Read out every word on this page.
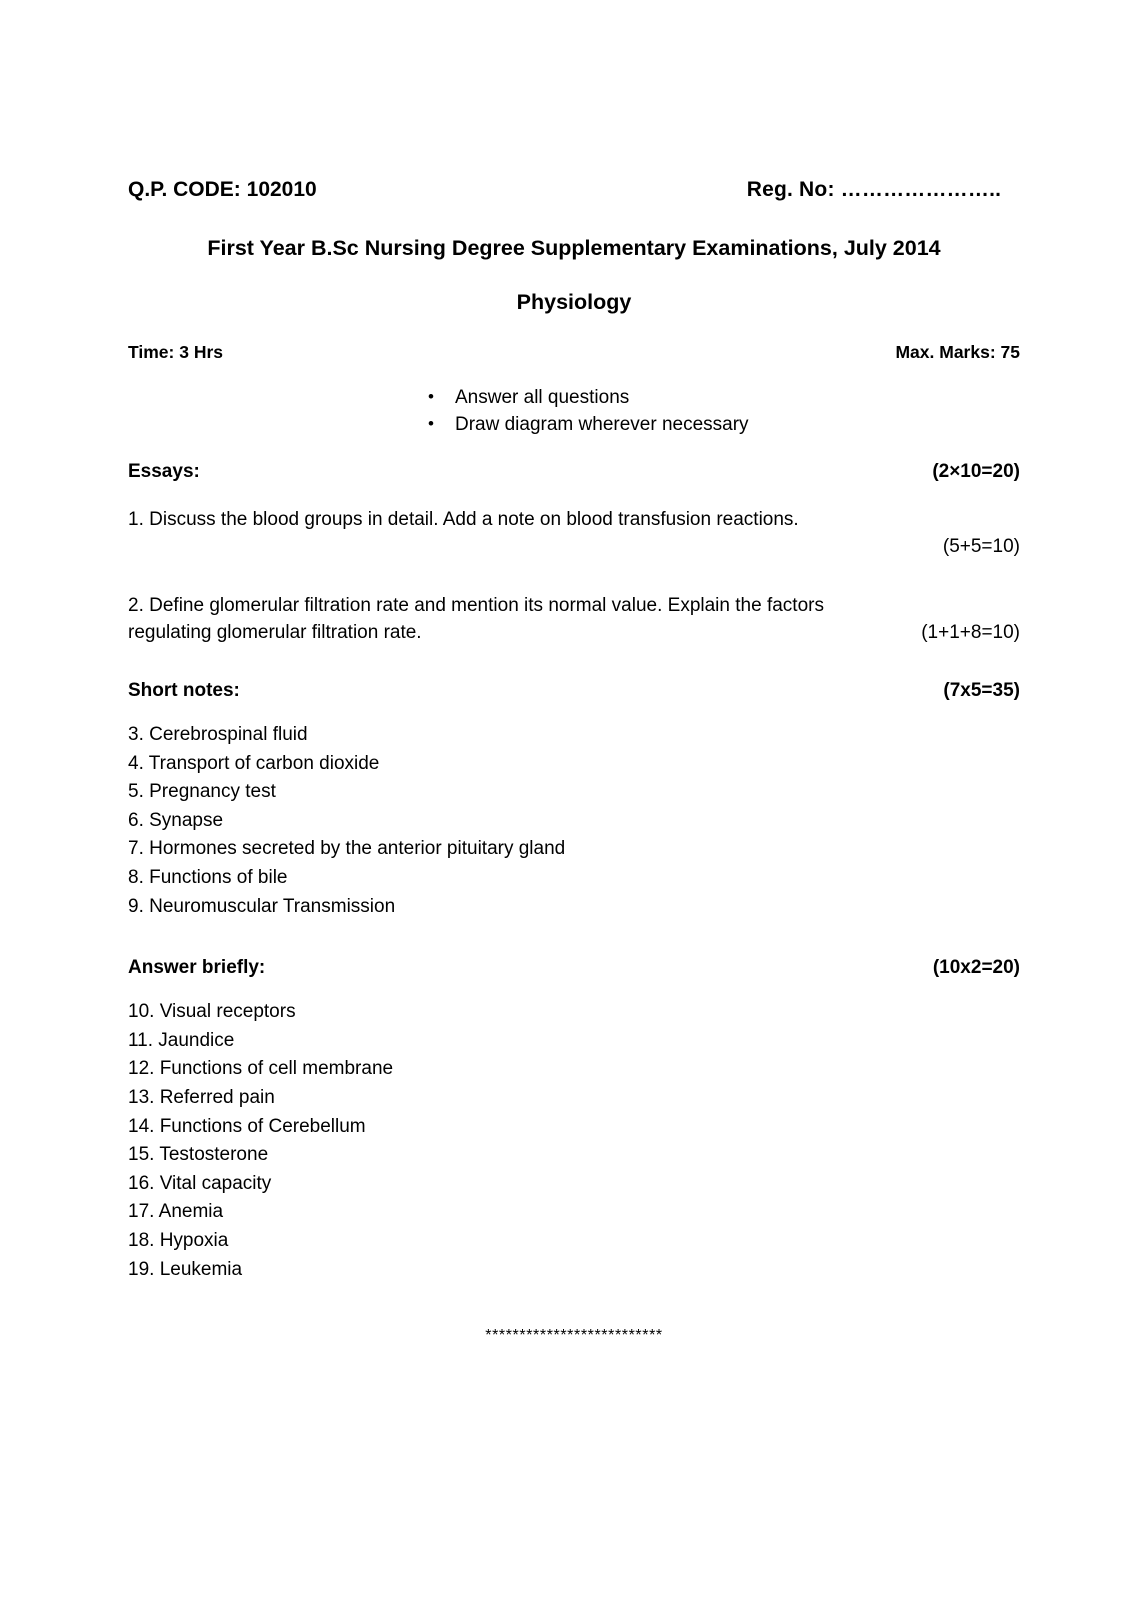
Q.P. CODE: 102010	Reg. No: …………………..
First Year B.Sc Nursing Degree Supplementary Examinations, July 2014
Physiology
Time: 3 Hrs	Max. Marks: 75
• Answer all questions
• Draw diagram wherever necessary
Essays:	(2×10=20)
1. Discuss the blood groups in detail. Add a note on blood transfusion reactions.
(5+5=10)
2. Define glomerular filtration rate and mention its normal value. Explain the factors
regulating glomerular filtration rate.	(1+1+8=10)
Short notes:	(7x5=35)
3. Cerebrospinal fluid
4. Transport of carbon dioxide
5. Pregnancy test
6. Synapse
7. Hormones secreted by the anterior pituitary gland
8. Functions of bile
9. Neuromuscular Transmission
Answer briefly:	(10x2=20)
10. Visual receptors
11. Jaundice
12. Functions of cell membrane
13. Referred pain
14. Functions of Cerebellum
15. Testosterone
16. Vital capacity
17. Anemia
18. Hypoxia
19. Leukemia
**************************
